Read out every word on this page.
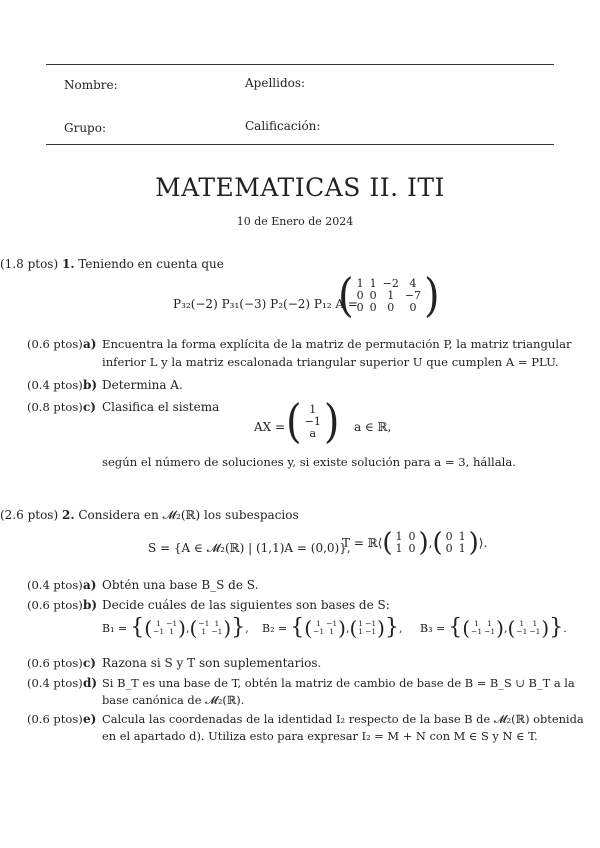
Nombre:	Apellidos:
Grupo:	Calificación:
MATEMATICAS II. ITI
10 de Enero de 2024
(1.8 ptos) 1. Teniendo en cuenta que
P₃₂(−2) P₃₁(−3) P₂(−2) P₁₂ A =
( 1	1	−2	4
0	0	1	−7
0	0	0	0 )
(0.6 ptos) a) Encuentra la forma explícita de la matriz de permutación P, la matriz triangular
inferior L y la matriz escalonada triangular superior U que cumplen A = PLU.
(0.4 ptos) b) Determina A.
(0.8 ptos) c) Clasifica el sistema
AX = ( 1
−1
a ) a ∈ ℝ,
según el número de soluciones y, si existe solución para a = 3, hállala.
(2.6 ptos) 2. Considera en 𝓜₂(ℝ) los subespacios
S = {A ∈ 𝓜₂(ℝ) | (1,1)A = (0,0)},
T = ℝ⟨ ( 1	0
1	0 ) , ( 0	1
0	1 ) ⟩.
(0.4 ptos) a) Obtén una base B_S de S.
(0.6 ptos) b) Decide cuáles de las siguientes son bases de S:
B₁ = { ( 1	−1
−1	1 ) , ( −1	1
1	−1 ) } , B₂ = { ( 1	−1
−1	1 ) , ( 1	−1
1	−1 ) } , B₃ = { ( 1	1
−1	−1 ) , ( 1	1
−1	−1 ) } .
(0.6 ptos) c) Razona si S y T son suplementarios.
(0.4 ptos) d) Si B_T es una base de T, obtén la matriz de cambio de base de B = B_S ∪ B_T a la
base canónica de 𝓜₂(ℝ).
(0.6 ptos) e) Calcula las coordenadas de la identidad I₂ respecto de la base B de 𝓜₂(ℝ) obtenida
en el apartado d). Utiliza esto para expresar I₂ = M + N con M ∈ S y N ∈ T.
